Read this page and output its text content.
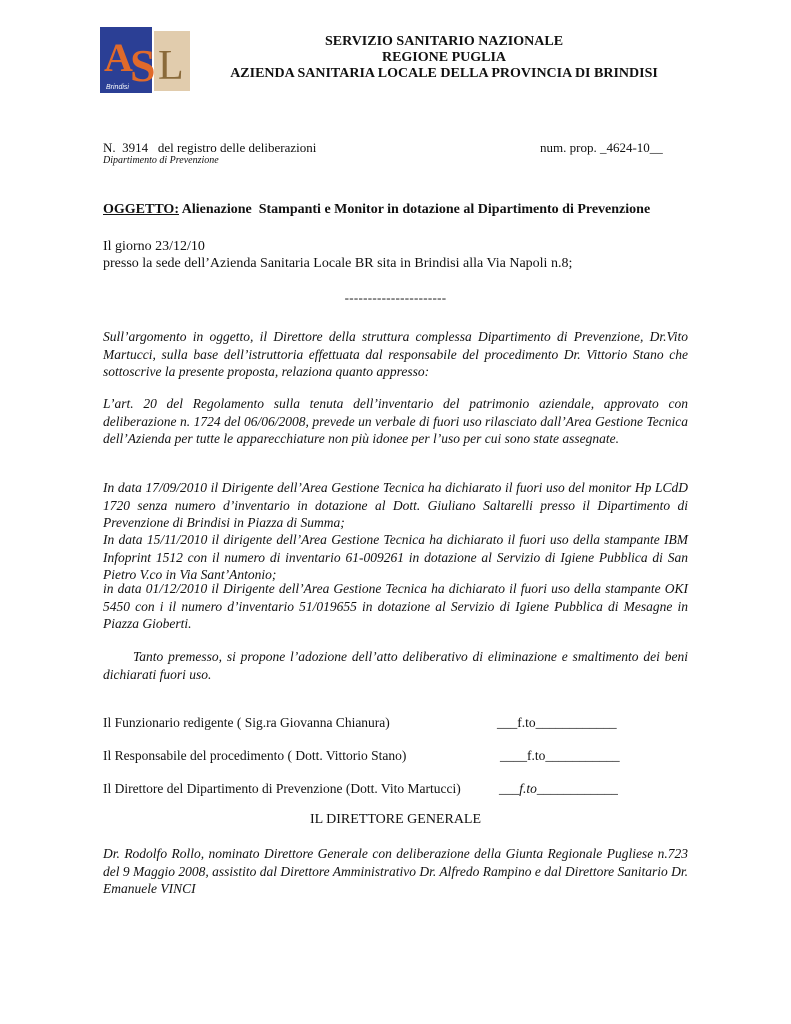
A
S L
Brindisi
SERVIZIO SANITARIO NAZIONALE
REGIONE PUGLIA
AZIENDA SANITARIA LOCALE DELLA PROVINCIA DI BRINDISI
N.  3914   del registro delle deliberazioni	num. prop. _4624-10__
Dipartimento di Prevenzione
OGGETTO: Alienazione  Stampanti e Monitor in dotazione al Dipartimento di Prevenzione
Il giorno 23/12/10
presso la sede dell’Azienda Sanitaria Locale BR sita in Brindisi alla Via Napoli n.8;
----------------------
Sull’argomento in oggetto, il Direttore della struttura complessa Dipartimento di Prevenzione, Dr.Vito Martucci, sulla base dell’istruttoria effettuata dal responsabile del procedimento Dr. Vittorio Stano che sottoscrive la presente proposta, relaziona quanto appresso:
L’art. 20 del Regolamento sulla tenuta dell’inventario del patrimonio aziendale, approvato con deliberazione n. 1724 del 06/06/2008, prevede un verbale di fuori uso rilasciato dall’Area Gestione Tecnica dell’Azienda per tutte le apparecchiature non più idonee per l’uso per cui sono state assegnate.
In data 17/09/2010 il Dirigente dell’Area Gestione Tecnica ha dichiarato il fuori uso del monitor Hp LCdD 1720 senza numero d’inventario in dotazione al Dott. Giuliano Saltarelli presso il Dipartimento di Prevenzione di Brindisi in Piazza di Summa;
In data 15/11/2010 il dirigente dell’Area Gestione Tecnica ha dichiarato il fuori uso della stampante IBM Infoprint 1512 con il numero di inventario 61-009261 in dotazione al Servizio di Igiene Pubblica di San Pietro V.co in Via Sant’Antonio;
in data 01/12/2010 il Dirigente dell’Area Gestione Tecnica ha dichiarato il fuori uso della stampante OKI 5450 con i il numero d’inventario 51/019655 in dotazione al Servizio di Igiene Pubblica di Mesagne in Piazza Gioberti.
Tanto premesso, si propone l’adozione dell’atto deliberativo di eliminazione e smaltimento dei beni dichiarati fuori uso.
Il Funzionario redigente ( Sig.ra Giovanna Chianura)	___f.to____________
Il Responsabile del procedimento ( Dott. Vittorio Stano)	____f.to___________
Il Direttore del Dipartimento di Prevenzione (Dott. Vito Martucci)	___f.to____________
IL DIRETTORE GENERALE
Dr. Rodolfo Rollo, nominato Direttore Generale con deliberazione della Giunta Regionale Pugliese n.723 del 9 Maggio 2008, assistito dal Direttore Amministrativo Dr. Alfredo Rampino e dal Direttore Sanitario Dr. Emanuele VINCI
